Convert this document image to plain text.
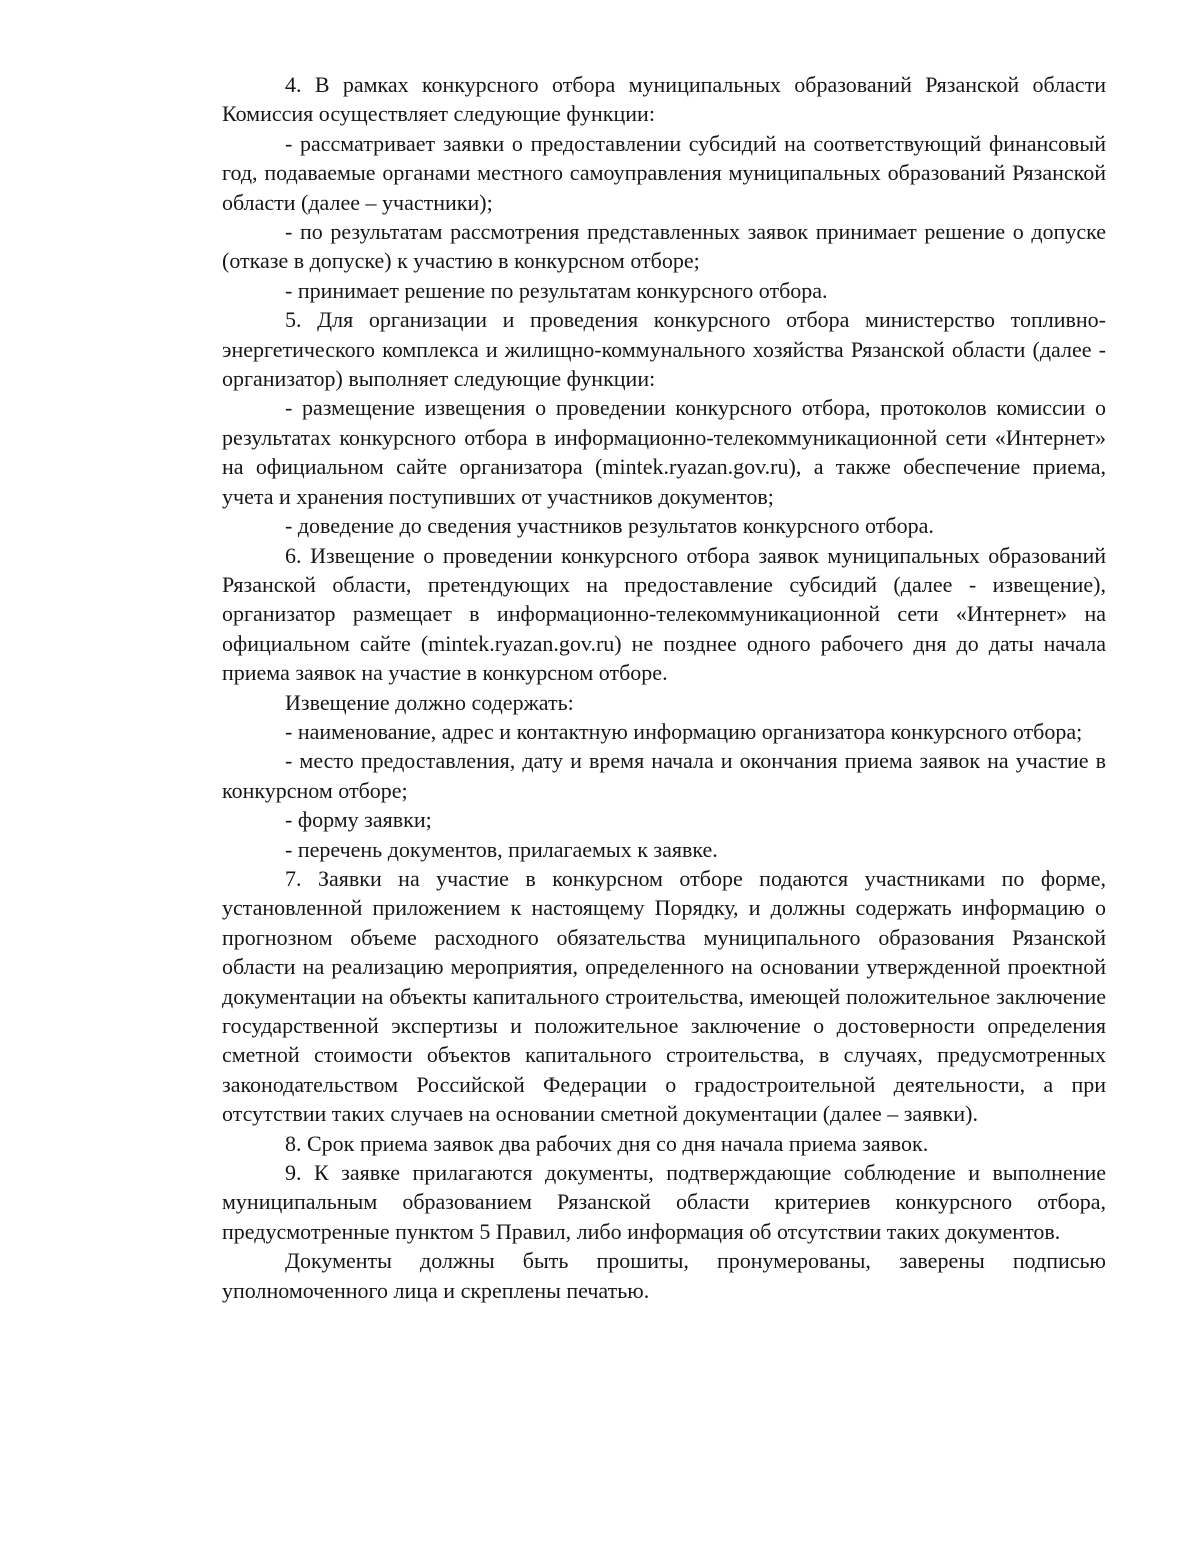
4. В рамках конкурсного отбора муниципальных образований Рязанской области Комиссия осуществляет следующие функции:

- рассматривает заявки о предоставлении субсидий на соответствующий финансовый год, подаваемые органами местного самоуправления муниципальных образований Рязанской области (далее – участники);

- по результатам рассмотрения представленных заявок принимает решение о допуске (отказе в допуске) к участию в конкурсном отборе;

- принимает решение по результатам конкурсного отбора.

5. Для организации и проведения конкурсного отбора министерство топливно-энергетического комплекса и жилищно-коммунального хозяйства Рязанской области (далее - организатор) выполняет следующие функции:

- размещение извещения о проведении конкурсного отбора, протоколов комиссии о результатах конкурсного отбора в информационно-телекоммуникационной сети «Интернет» на официальном сайте организатора (mintek.ryazan.gov.ru), а также обеспечение приема, учета и хранения поступивших от участников документов;

- доведение до сведения участников результатов конкурсного отбора.

6. Извещение о проведении конкурсного отбора заявок муниципальных образований Рязанской области, претендующих на предоставление субсидий (далее - извещение), организатор размещает в информационно-телекоммуникационной сети «Интернет» на официальном сайте (mintek.ryazan.gov.ru) не позднее одного рабочего дня до даты начала приема заявок на участие в конкурсном отборе.

Извещение должно содержать:

- наименование, адрес и контактную информацию организатора конкурсного отбора;

- место предоставления, дату и время начала и окончания приема заявок на участие в конкурсном отборе;

- форму заявки;

- перечень документов, прилагаемых к заявке.

7. Заявки на участие в конкурсном отборе подаются участниками по форме, установленной приложением к настоящему Порядку, и должны содержать информацию о прогнозном объеме расходного обязательства муниципального образования Рязанской области на реализацию мероприятия, определенного на основании утвержденной проектной документации на объекты капитального строительства, имеющей положительное заключение государственной экспертизы и положительное заключение о достоверности определения сметной стоимости объектов капитального строительства, в случаях, предусмотренных законодательством Российской Федерации о градостроительной деятельности, а при отсутствии таких случаев на основании сметной документации (далее – заявки).

8. Срок приема заявок два рабочих дня со дня начала приема заявок.

9. К заявке прилагаются документы, подтверждающие соблюдение и выполнение муниципальным образованием Рязанской области критериев конкурсного отбора, предусмотренные пунктом 5 Правил, либо информация об отсутствии таких документов.

Документы должны быть прошиты, пронумерованы, заверены подписью уполномоченного лица и скреплены печатью.
